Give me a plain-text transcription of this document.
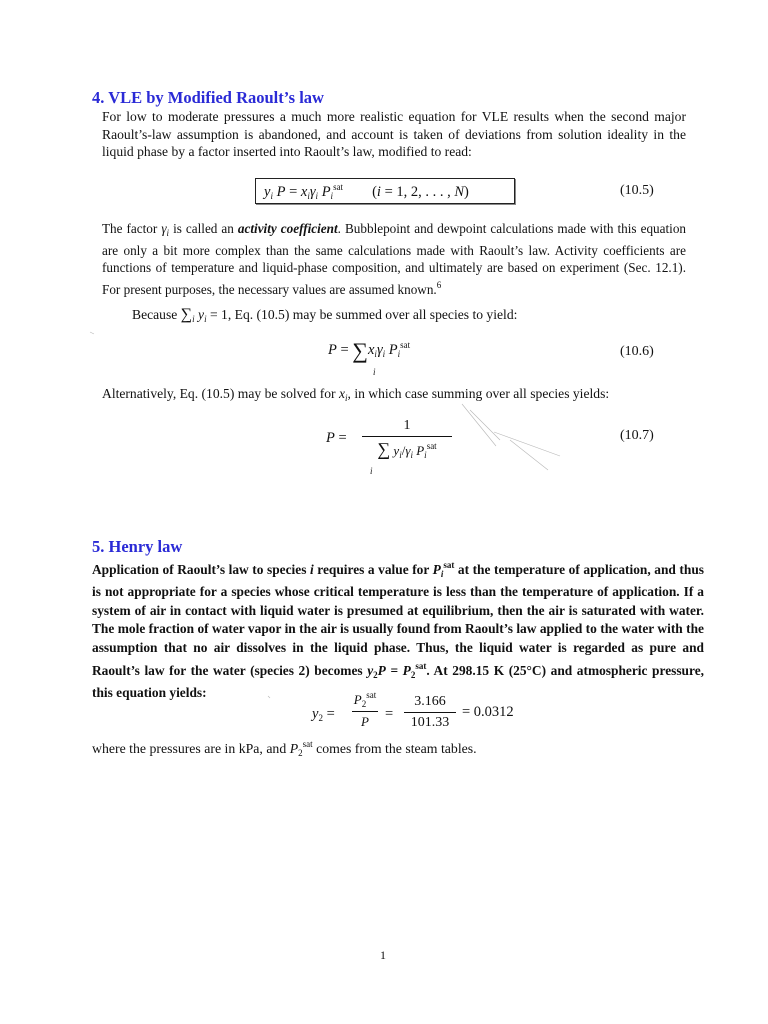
4. VLE by Modified Raoult’s law
For low to moderate pressures a much more realistic equation for VLE results when the second major Raoult’s-law assumption is abandoned, and account is taken of deviations from solution ideality in the liquid phase by a factor inserted into Raoult’s law, modified to read:
$y_i$ $P = x_i\gamma_i$ $P_i^{sat}$        (i = 1, 2, . . . , N)	(10.5)
The factor $\gamma_i$ is called an activity coefficient. Bubblepoint and dewpoint calculations made with this equation are only a bit more complex than the same calculations made with Raoult’s law. Activity coefficients are functions of temperature and liquid-phase composition, and ultimately are based on experiment (Sec. 12.1). For present purposes, the necessary values are assumed known.$^6$
Because $\sum_i$ $y_i = 1$, Eq. (10.5) may be summed over all species to yield:
$P = \sum x_i\gamma_i$ $P_i^{sat}$
i
(10.6)
Alternatively, Eq. (10.5) may be solved for $x_i$, in which case summing over all species yields:
P =
1
∑ $y_i/\gamma_i$ $P_i^{sat}$
i
(10.7)
5. Henry law
Application of Raoult’s law to species i requires a value for $P_i^{sat}$ at the temperature of application, and thus is not appropriate for a species whose critical temperature is less than the temperature of application. If a system of air in contact with liquid water is presumed at equilibrium, then the air is saturated with water. The mole fraction of water vapor in the air is usually found from Raoult’s law applied to the water with the assumption that no air dissolves in the liquid phase. Thus, the liquid water is regarded as pure and Raoult’s law for the water (species 2) becomes $y_2P = P_2^{sat}$. At 298.15 K (25°C) and atmospheric pressure, this equation yields:
$y_2$ =
$P_2^{sat}$
P	=
3.166
101.33
= 0.0312
where the pressures are in kPa, and $P_2^{sat}$ comes from the steam tables.
1
